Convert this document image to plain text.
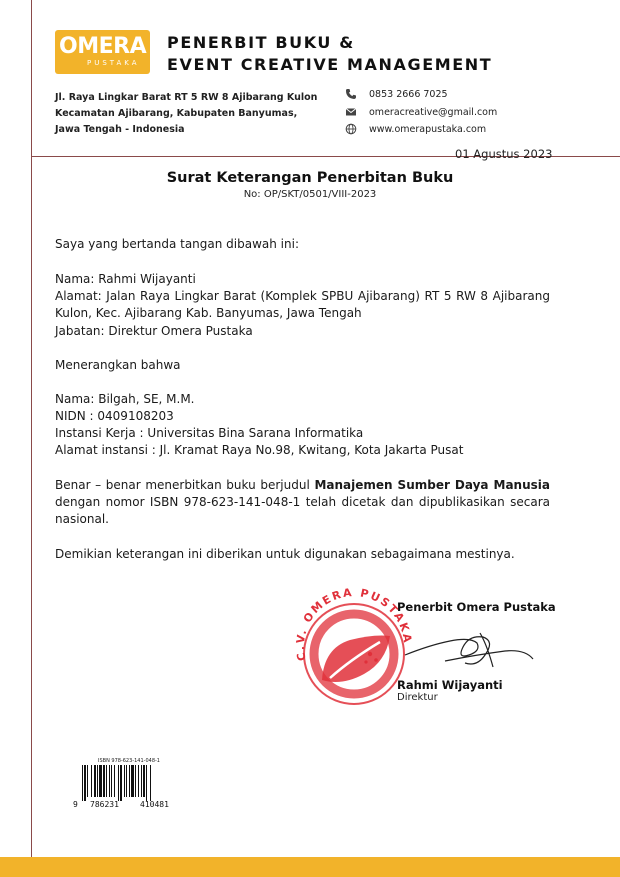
OMERA
PUSTAKA
PENERBIT BUKU &
EVENT CREATIVE MANAGEMENT
Jl. Raya Lingkar Barat RT 5 RW 8 Ajibarang Kulon
Kecamatan Ajibarang, Kabupaten Banyumas,
Jawa Tengah - Indonesia
0853 2666 7025
omeracreative@gmail.com
www.omerapustaka.com
01 Agustus 2023
Surat Keterangan Penerbitan Buku
No: OP/SKT/0501/VIII-2023
Saya yang bertanda tangan dibawah ini:
Nama: Rahmi Wijayanti
Alamat: Jalan Raya Lingkar Barat (Komplek SPBU Ajibarang) RT 5 RW 8 Ajibarang Kulon, Kec. Ajibarang Kab. Banyumas, Jawa Tengah
Jabatan: Direktur Omera Pustaka
Menerangkan bahwa
Nama: Bilgah, SE, M.M.
NIDN : 0409108203
Instansi Kerja : Universitas Bina Sarana Informatika
Alamat instansi : Jl. Kramat Raya No.98, Kwitang, Kota Jakarta Pusat
Benar – benar menerbitkan buku berjudul Manajemen Sumber Daya Manusia dengan nomor ISBN 978-623-141-048-1 telah dicetak dan dipublikasikan secara nasional.
Demikian keterangan ini diberikan untuk digunakan sebagaimana mestinya.
C.V. OMERA PUSTAKA
Penerbit Omera Pustaka
Rahmi Wijayanti
Direktur
ISBN 978-623-141-048-1
9 786231	410481
